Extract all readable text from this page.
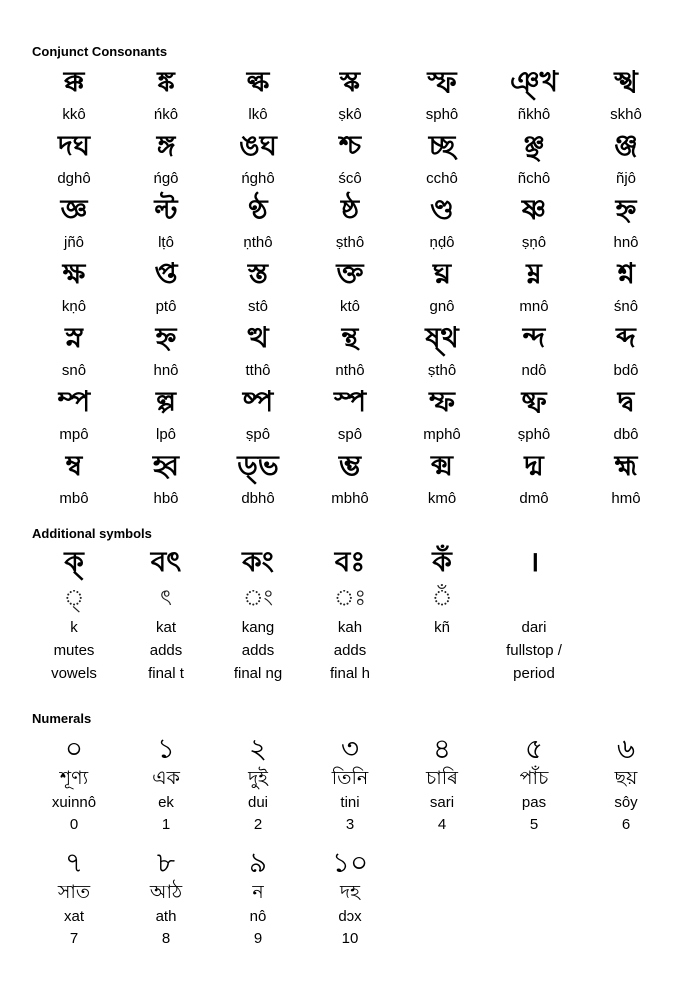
Conjunct Consonants
ক্ক
kkô
ঙ্ক
ńkô
ল্ক
lkô
স্ক
ṣkô
স্ফ
sphô
ঞ্খ
ñkhô
স্খ
skhô
দঘ
dghô
ঙ্গ
ńgô
ঙঘ
ńghô
শ্চ
ścô
চ্ছ
cchô
ঞ্ছ
ñchô
ঞ্জ
ñjô
জ্ঞ
jñô
ল্ট
lṭô
ণ্ঠ
ṇthô
ষ্ঠ
ṣthô
ণ্ড
ṇḍô
ষ্ণ
ṣṇô
হ্ন
hnô
ক্ষ
kṇô
প্ত
ptô
স্ত
stô
ক্ত
ktô
ঘ্ন
gnô
ম্ন
mnô
শ্ন
śnô
স্ন
snô
হ্ন
hnô
ত্থ
tthô
ন্থ
nthô
ষ্থ
ṣthô
ন্দ
ndô
ব্দ
bdô
ম্প
mpô
ল্প
lpô
ষ্প
ṣpô
স্প
spô
ম্ফ
mphô
ষ্ফ
ṣphô
দ্ব
dbô
ম্ব
mbô
হ্ব
hbô
ড্ভ
dbhô
ম্ভ
mbhô
ক্ম
kmô
দ্ম
dmô
হ্ম
hmô
Additional symbols
ক্
্
k
mutes
vowels
বৎ
ৎ
kat
adds
final t
কং
ং
kang
adds
final ng
বঃ
ঃ
kah
adds
final h
কঁ
ঁ
kñ
।
dari
fullstop /
period
Numerals
০
শূণ্য
xuinnô
0
১
এক
ek
1
২
দুই
dui
2
৩
তিনি
tini
3
৪
চাৰি
sari
4
৫
পাঁচ
pas
5
৬
ছয়
sôy
6
৭
সাত
xat
7
৮
আঠ
ath
8
৯
ন
nô
9
১০
দহ
dɔx
10
